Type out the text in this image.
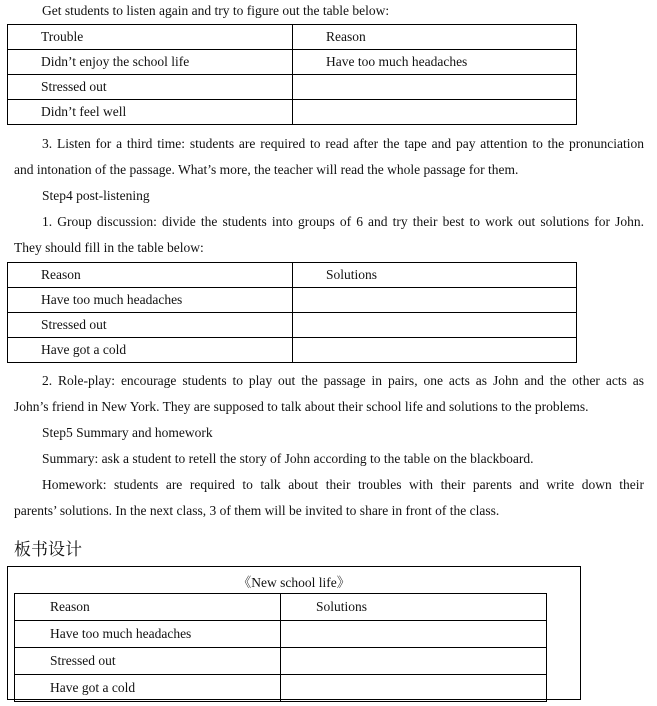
Get students to listen again and try to figure out the table below:
Trouble	Reason
Didn’t enjoy the school life	Have too much headaches
Stressed out	
Didn’t feel well	
3. Listen for a third time: students are required to read after the tape and pay attention to the pronunciation
and intonation of the passage. What’s more, the teacher will read the whole passage for them.
Step4 post-listening
1. Group discussion: divide the students into groups of 6 and try their best to work out solutions for John.
They should fill in the table below:
Reason	Solutions
Have too much headaches	
Stressed out	
Have got a cold	
2. Role-play: encourage students to play out the passage in pairs, one acts as John and the other acts as
John’s friend in New York. They are supposed to talk about their school life and solutions to the problems.
Step5 Summary and homework
Summary: ask a student to retell the story of John according to the table on the blackboard.
Homework: students are required to talk about their troubles with their parents and write down their
parents’ solutions. In the next class, 3 of them will be invited to share in front of the class.
板书设计
《New school life》
Reason	Solutions
Have too much headaches	
Stressed out	
Have got a cold	
